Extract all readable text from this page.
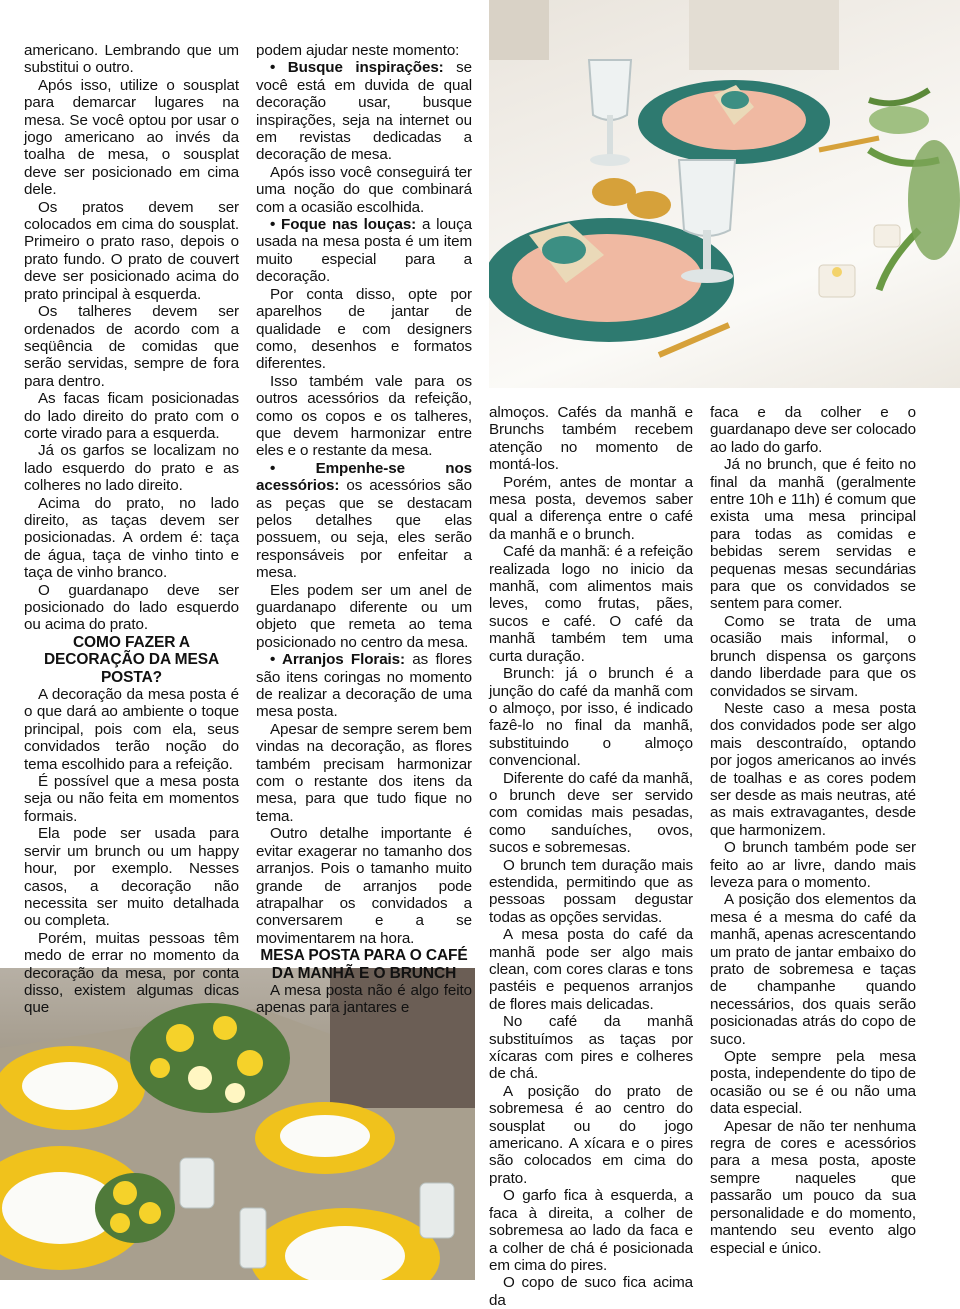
americano. Lembrando que um substitui o outro.

Após isso, utilize o sousplat para demarcar lugares na mesa. Se você optou por usar o jogo americano ao invés da toalha de mesa, o sousplat deve ser posicionado em cima dele.

Os pratos devem ser colocados em cima do sousplat. Primeiro o prato raso, depois o prato fundo. O prato de couvert deve ser posicionado acima do prato principal à esquerda.

Os talheres devem ser ordenados de acordo com a seqüência de comidas que serão servidas, sempre de fora para dentro.

As facas ficam posicionadas do lado direito do prato com o corte virado para a esquerda.

Já os garfos se localizam no lado esquerdo do prato e as colheres no lado direito.

Acima do prato, no lado direito, as taças devem ser posicionadas. A ordem é: taça de água, taça de vinho tinto e taça de vinho branco.

O guardanapo deve ser posicionado do lado esquerdo ou acima do prato.

COMO FAZER A DECORAÇÃO DA MESA POSTA?

A decoração da mesa posta é o que dará ao ambiente o toque principal, pois com ela, seus convidados terão noção do tema escolhido para a refeição.

É possível que a mesa posta seja ou não feita em momentos formais.

Ela pode ser usada para servir um brunch ou um happy hour, por exemplo. Nesses casos, a decoração não necessita ser muito detalhada ou completa.

Porém, muitas pessoas têm medo de errar no momento da decoração da mesa, por conta disso, existem algumas dicas que

podem ajudar neste momento:

• Busque inspirações: se você está em duvida de qual decoração usar, busque inspirações, seja na internet ou em revistas dedicadas a decoração de mesa.

Após isso você conseguirá ter uma noção do que combinará com a ocasião escolhida.

• Foque nas louças: a louça usada na mesa posta é um item muito especial para a decoração.

Por conta disso, opte por aparelhos de jantar de qualidade e com designers como, desenhos e formatos diferentes.

Isso também vale para os outros acessórios da refeição, como os copos e os talheres, que devem harmonizar entre eles e o restante da mesa.

• Empenhe-se nos acessórios: os acessórios são as peças que se destacam pelos detalhes que elas possuem, ou seja, eles serão responsáveis por enfeitar a mesa.

Eles podem ser um anel de guardanapo diferente ou um objeto que remeta ao tema posicionado no centro da mesa.

• Arranjos Florais: as flores são itens coringas no momento de realizar a decoração de uma mesa posta.

Apesar de sempre serem bem vindas na decoração, as flores também precisam harmonizar com o restante dos itens da mesa, para que tudo fique no tema.

Outro detalhe importante é evitar exagerar no tamanho dos arranjos. Pois o tamanho muito grande de arranjos pode atrapalhar os convidados a conversarem e a se movimentarem na hora.

MESA POSTA PARA O CAFÉ DA MANHÃ E O BRUNCH

A mesa posta não é algo feito apenas para jantares e

almoços. Cafés da manhã e Brunchs também recebem atenção no momento de montá-los.

Porém, antes de montar a mesa posta, devemos saber qual a diferença entre o café da manhã e o brunch.

Café da manhã: é a refeição realizada logo no inicio da manhã, com alimentos mais leves, como frutas, pães, sucos e café. O café da manhã também tem uma curta duração.

Brunch: já o brunch é a junção do café da manhã com o almoço, por isso, é indicado fazê-lo no final da manhã, substituindo o almoço convencional.

Diferente do café da manhã, o brunch deve ser servido com comidas mais pesadas, como sanduíches, ovos, sucos e sobremesas.

O brunch tem duração mais estendida, permitindo que as pessoas possam degustar todas as opções servidas.

A mesa posta do café da manhã pode ser algo mais clean, com cores claras e tons pastéis e pequenos arranjos de flores mais delicadas.

No café da manhã substituímos as taças por xícaras com pires e colheres de chá.

A posição do prato de sobremesa é ao centro do sousplat ou do jogo americano. A xícara e o pires são colocados em cima do prato.

O garfo fica à esquerda, a faca à direita, a colher de sobremesa ao lado da faca e a colher de chá é posicionada em cima do pires.

O copo de suco fica acima da

faca e da colher e o guardanapo deve ser colocado ao lado do garfo.

Já no brunch, que é feito no final da manhã (geralmente entre 10h e 11h) é comum que exista uma mesa principal para todas as comidas e bebidas serem servidas e pequenas mesas secundárias para que os convidados se sentem para comer.

Como se trata de uma ocasião mais informal, o brunch dispensa os garçons dando liberdade para que os convidados se sirvam.

Neste caso a mesa posta dos convidados pode ser algo mais descontraído, optando por jogos americanos ao invés de toalhas e as cores podem ser desde as mais neutras, até as mais extravagantes, desde que harmonizem.

O brunch também pode ser feito ao ar livre, dando mais leveza para o momento.

A posição dos elementos da mesa é a mesma do café da manhã, apenas acrescentando um prato de jantar embaixo do prato de sobremesa e taças de champanhe quando necessários, dos quais serão posicionadas atrás do copo de suco.

Opte sempre pela mesa posta, independente do tipo de ocasião ou se é ou não uma data especial.

Apesar de não ter nenhuma regra de cores e acessórios para a mesa posta, aposte sempre naqueles que passarão um pouco da sua personalidade e do momento, mantendo seu evento algo especial e único.
